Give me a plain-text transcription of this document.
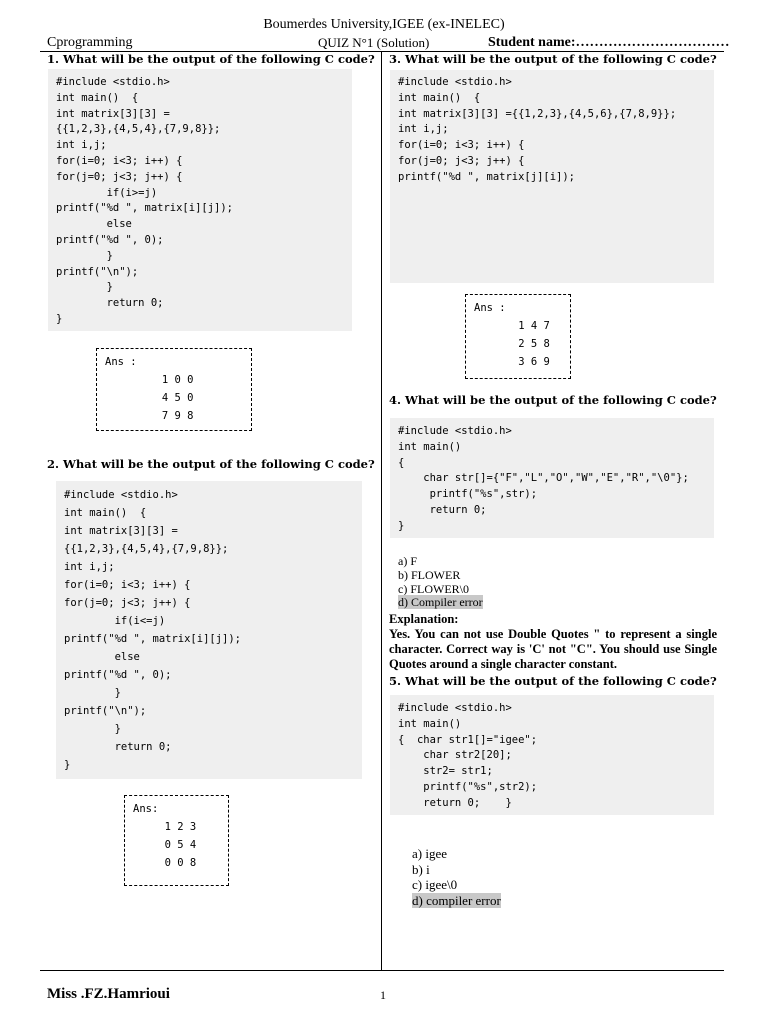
Boumerdes University,IGEE (ex-INELEC)
Cprogramming	QUIZ N°1 (Solution)	Student name:……………………………
1. What will be the output of the following C code?
#include <stdio.h>
int main()  {
int matrix[3][3] =
{{1,2,3},{4,5,4},{7,9,8}};
int i,j;
for(i=0; i<3; i++) {
for(j=0; j<3; j++) {
if(i>=j)
printf("%d ", matrix[i][j]);
else
printf("%d ", 0);
}
printf("\n");
}
return 0;
}
Ans :
1 0 0
4 5 0
7 9 8
2. What will be the output of the following C code?
#include <stdio.h>
int main()  {
int matrix[3][3] =
{{1,2,3},{4,5,4},{7,9,8}};
int i,j;
for(i=0; i<3; i++) {
for(j=0; j<3; j++) {
if(i<=j)
printf("%d ", matrix[i][j]);
else
printf("%d ", 0);
}
printf("\n");
}
return 0;
}
Ans:
1 2 3
0 5 4
0 0 8
3. What will be the output of the following C code?
#include <stdio.h>
int main()  {
int matrix[3][3] ={{1,2,3},{4,5,6},{7,8,9}};
int i,j;
for(i=0; i<3; i++) {
for(j=0; j<3; j++) {
printf("%d ", matrix[j][i]);
Ans :
1 4 7
2 5 8
3 6 9
4. What will be the output of the following C code?
#include <stdio.h>
int main()
{
char str[]={"F","L","O","W","E","R","\0"};
printf("%s",str);
return 0;
}
a) F
b) FLOWER
c) FLOWER\0
d) Compiler error
Explanation:
Yes. You can not use Double Quotes " to represent a single character. Correct way is 'C' not "C". You should use Single Quotes around a single character constant.
5. What will be the output of the following C code?
#include <stdio.h>
int main()
{  char str1[]="igee";
char str2[20];
str2= str1;
printf("%s",str2);
return 0;    }
a) igee
b) i
c) igee\0
d) compiler error
Miss .FZ.Hamrioui	1
